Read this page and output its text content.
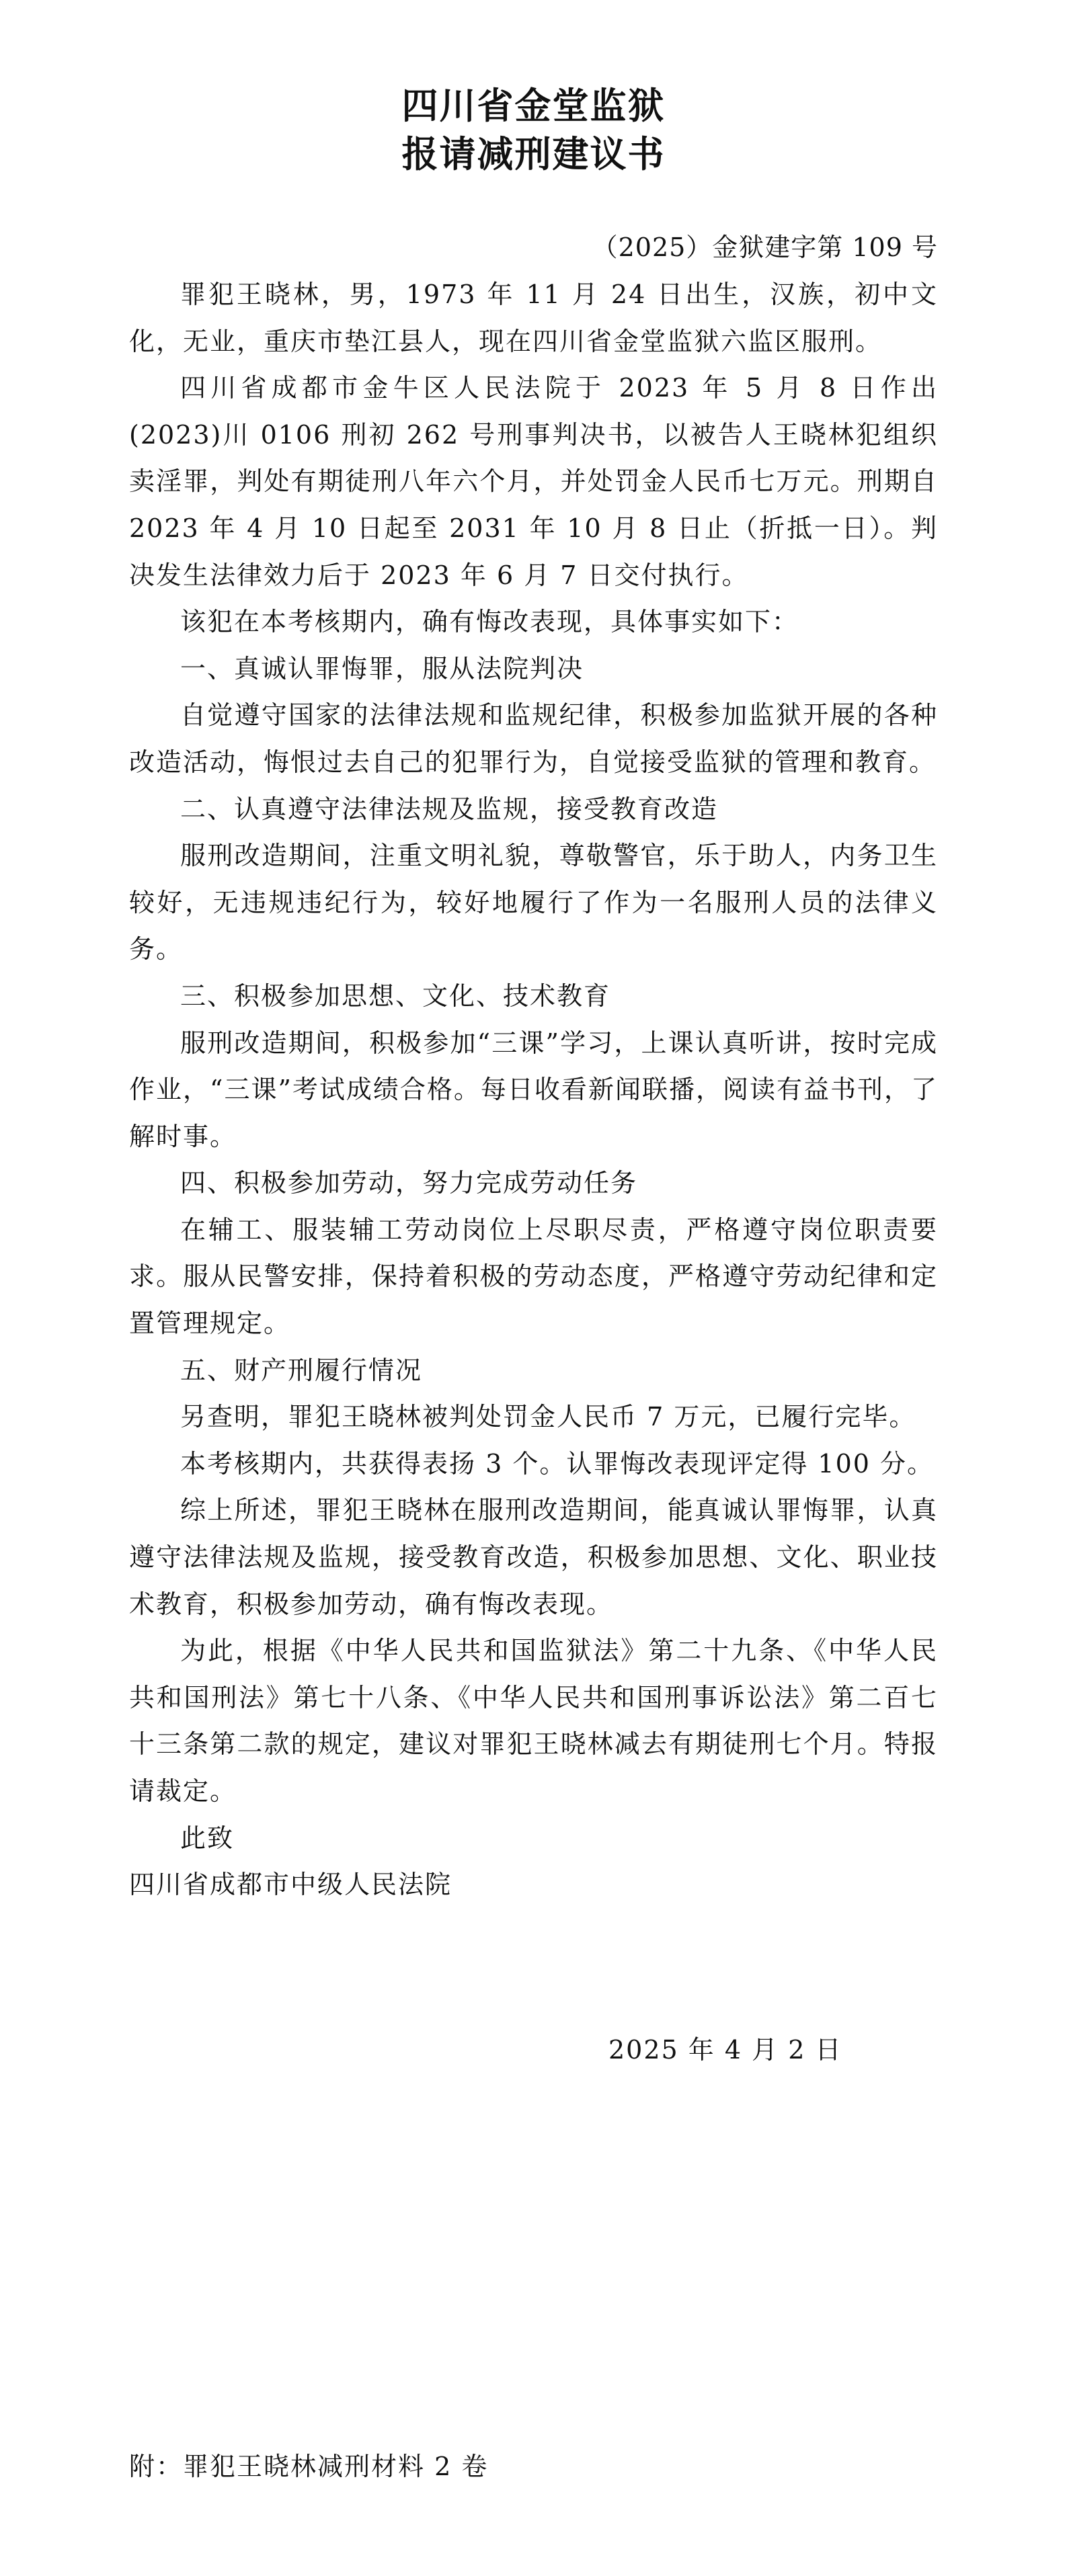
四川省金堂监狱
报请减刑建议书
（2025）金狱建字第 109 号

罪犯王晓林，男，1973 年 11 月 24 日出生，汉族，初中文化，无业，重庆市垫江县人，现在四川省金堂监狱六监区服刑。

四川省成都市金牛区人民法院于 2023 年 5 月 8 日作出(2023)川 0106 刑初 262 号刑事判决书，以被告人王晓林犯组织卖淫罪，判处有期徒刑八年六个月，并处罚金人民币七万元。刑期自 2023 年 4 月 10 日起至 2031 年 10 月 8 日止（折抵一日）。判决发生法律效力后于 2023 年 6 月 7 日交付执行。

该犯在本考核期内，确有悔改表现，具体事实如下：

一、真诚认罪悔罪，服从法院判决

自觉遵守国家的法律法规和监规纪律，积极参加监狱开展的各种改造活动，悔恨过去自己的犯罪行为，自觉接受监狱的管理和教育。

二、认真遵守法律法规及监规，接受教育改造

服刑改造期间，注重文明礼貌，尊敬警官，乐于助人，内务卫生较好，无违规违纪行为，较好地履行了作为一名服刑人员的法律义务。

三、积极参加思想、文化、技术教育

服刑改造期间，积极参加“三课”学习，上课认真听讲，按时完成作业，“三课”考试成绩合格。每日收看新闻联播，阅读有益书刊，了解时事。

四、积极参加劳动，努力完成劳动任务

在辅工、服装辅工劳动岗位上尽职尽责，严格遵守岗位职责要求。服从民警安排，保持着积极的劳动态度，严格遵守劳动纪律和定置管理规定。

五、财产刑履行情况

另查明，罪犯王晓林被判处罚金人民币 7 万元，已履行完毕。

本考核期内，共获得表扬 3 个。认罪悔改表现评定得 100 分。

综上所述，罪犯王晓林在服刑改造期间，能真诚认罪悔罪，认真遵守法律法规及监规，接受教育改造，积极参加思想、文化、职业技术教育，积极参加劳动，确有悔改表现。

为此，根据《中华人民共和国监狱法》第二十九条、《中华人民共和国刑法》第七十八条、《中华人民共和国刑事诉讼法》第二百七十三条第二款的规定，建议对罪犯王晓林减去有期徒刑七个月。特报请裁定。

此致

四川省成都市中级人民法院

2025 年 4 月 2 日
附：罪犯王晓林减刑材料 2 卷
